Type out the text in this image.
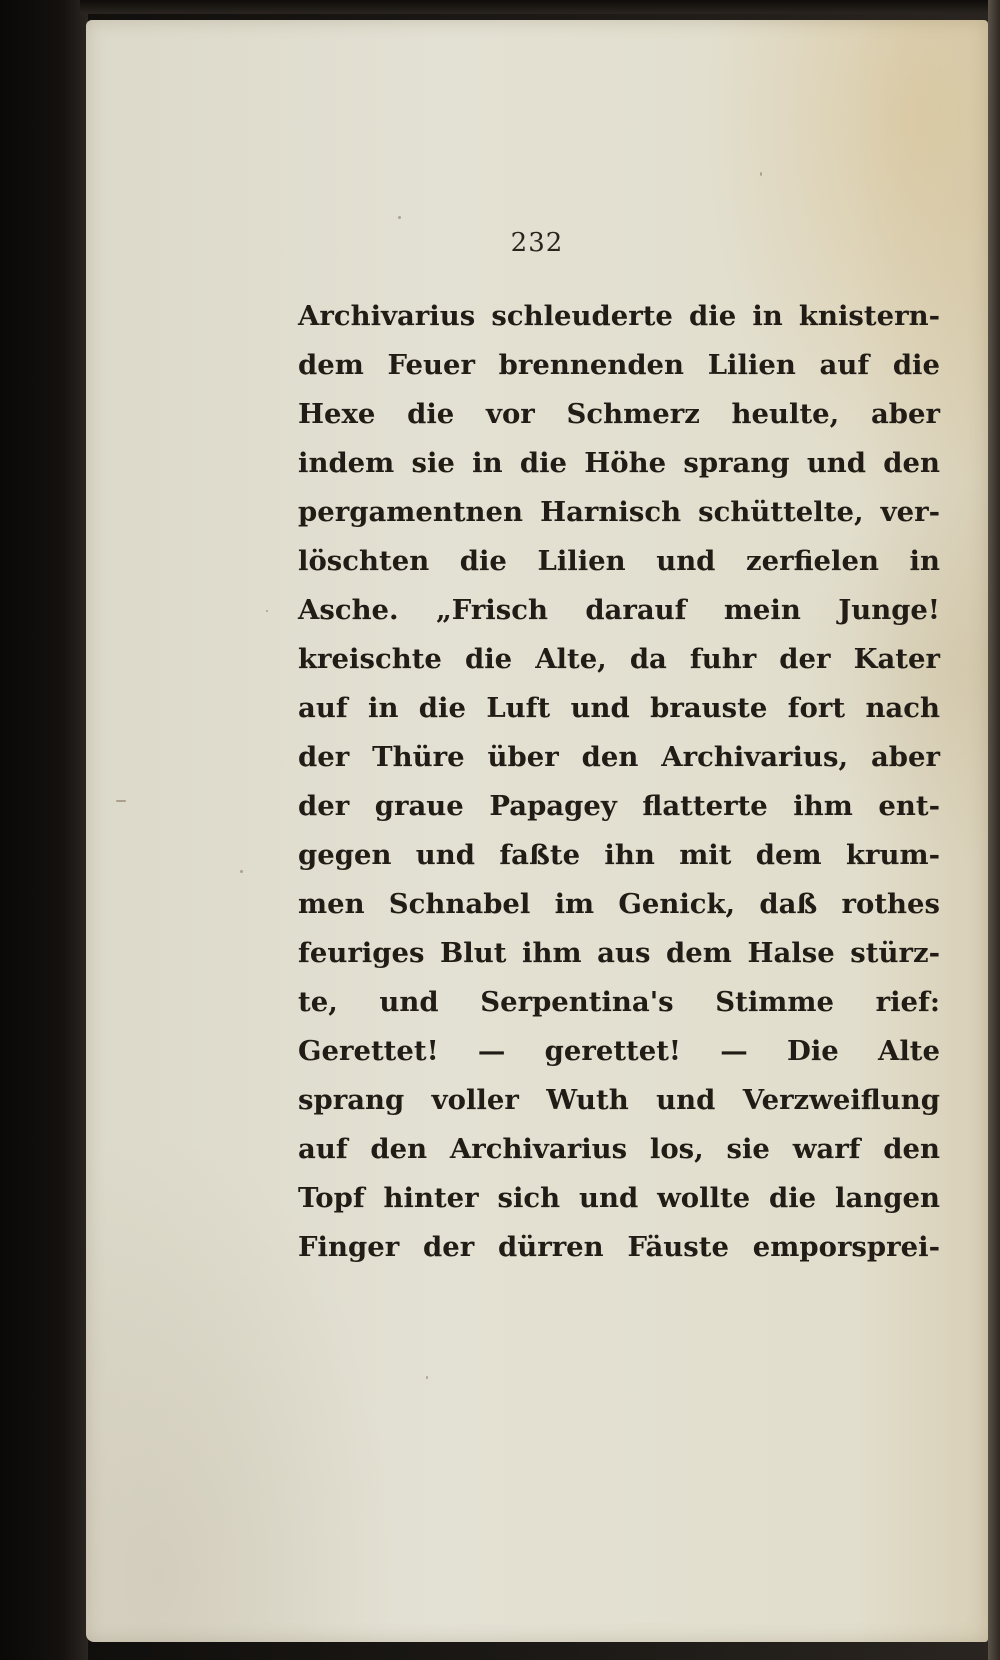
232
Archivarius schleuderte die in knistern-
dem Feuer brennenden Lilien auf die
Hexe die vor Schmerz heulte, aber
indem sie in die Höhe sprang und den
pergamentnen Harnisch schüttelte, ver-
löschten die Lilien und zerfielen in
Asche. „Frisch darauf mein Junge!
kreischte die Alte, da fuhr der Kater
auf in die Luft und brauste fort nach
der Thüre über den Archivarius, aber
der graue Papagey flatterte ihm ent-
gegen und faßte ihn mit dem krum-
men Schnabel im Genick, daß rothes
feuriges Blut ihm aus dem Halse stürz-
te, und Serpentina's Stimme rief:
Gerettet! — gerettet! — Die Alte
sprang voller Wuth und Verzweiflung
auf den Archivarius los, sie warf den
Topf hinter sich und wollte die langen
Finger der dürren Fäuste emporsprei-
